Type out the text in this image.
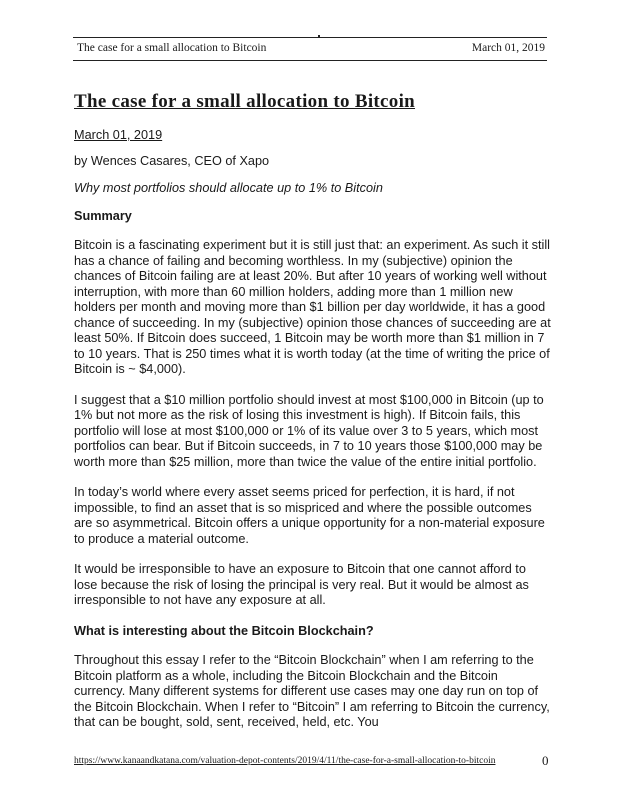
The case for a small allocation to Bitcoin	March 01, 2019
The case for a small allocation to Bitcoin
March 01, 2019
by Wences Casares, CEO of Xapo
Why most portfolios should allocate up to 1% to Bitcoin
Summary

Bitcoin is a fascinating experiment but it is still just that: an experiment. As such it still has a chance of failing and becoming worthless. In my (subjective) opinion the chances of Bitcoin failing are at least 20%. But after 10 years of working well without interruption, with more than 60 million holders, adding more than 1 million new holders per month and moving more than $1 billion per day worldwide, it has a good chance of succeeding. In my (subjective) opinion those chances of succeeding are at least 50%. If Bitcoin does succeed, 1 Bitcoin may be worth more than $1 million in 7 to 10 years. That is 250 times what it is worth today (at the time of writing the price of Bitcoin is ~ $4,000).

I suggest that a $10 million portfolio should invest at most $100,000 in Bitcoin (up to 1% but not more as the risk of losing this investment is high). If Bitcoin fails, this portfolio will lose at most $100,000 or 1% of its value over 3 to 5 years, which most portfolios can bear. But if Bitcoin succeeds, in 7 to 10 years those $100,000 may be worth more than $25 million, more than twice the value of the entire initial portfolio.

In today’s world where every asset seems priced for perfection, it is hard, if not impossible, to find an asset that is so mispriced and where the possible outcomes are so asymmetrical. Bitcoin offers a unique opportunity for a non-material exposure to produce a material outcome.

It would be irresponsible to have an exposure to Bitcoin that one cannot afford to lose because the risk of losing the principal is very real. But it would be almost as irresponsible to not have any exposure at all.

What is interesting about the Bitcoin Blockchain?

Throughout this essay I refer to the “Bitcoin Blockchain” when I am referring to the Bitcoin platform as a whole, including the Bitcoin Blockchain and the Bitcoin currency. Many different systems for different use cases may one day run on top of the Bitcoin Blockchain. When I refer to “Bitcoin” I am referring to Bitcoin the currency, that can be bought, sold, sent, received, held, etc. You

https://www.kanaandkatana.com/valuation-depot-contents/2019/4/11/the-case-for-a-small-allocation-to-bitcoin	0
